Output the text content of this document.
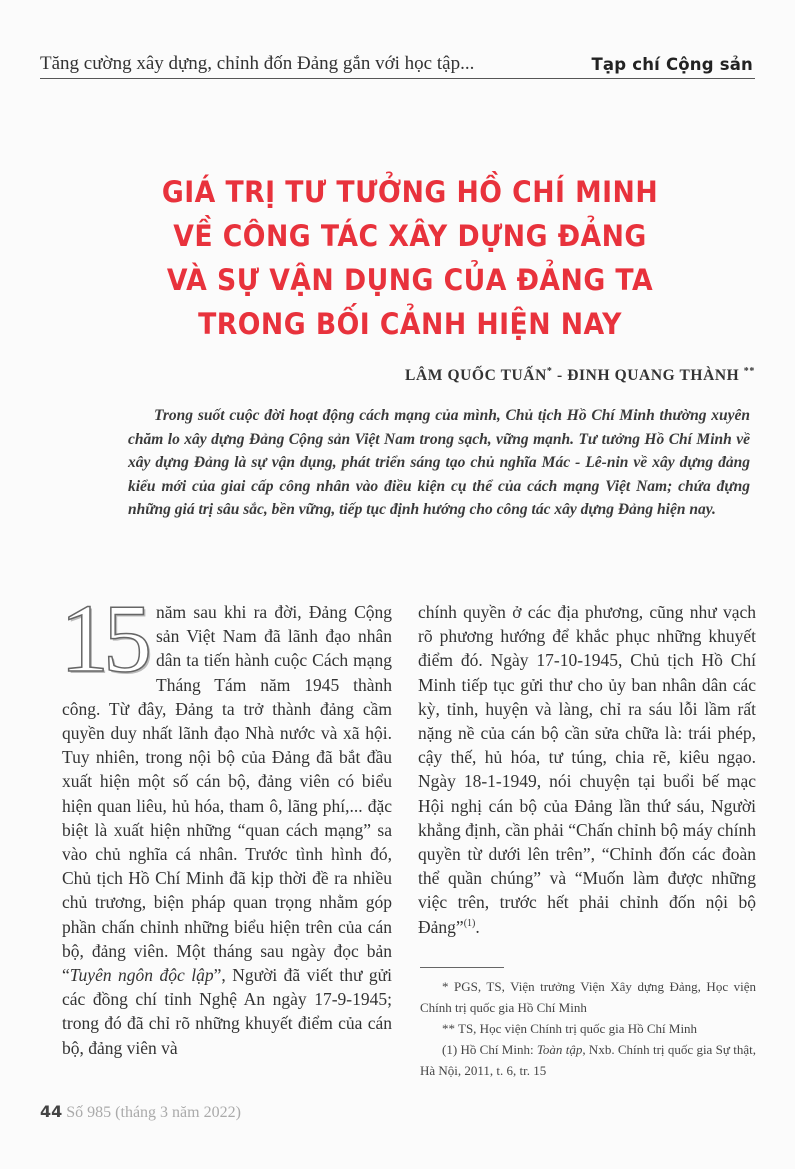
Tăng cường xây dựng, chỉnh đốn Đảng gắn với học tập...	Tạp chí Cộng sản
GIÁ TRỊ TƯ TƯỞNG HỒ CHÍ MINH
VỀ CÔNG TÁC XÂY DỰNG ĐẢNG
VÀ SỰ VẬN DỤNG CỦA ĐẢNG TA
TRONG BỐI CẢNH HIỆN NAY
LÂM QUỐC TUẤN* - ĐINH QUANG THÀNH **
Trong suốt cuộc đời hoạt động cách mạng của mình, Chủ tịch Hồ Chí Minh thường xuyên chăm lo xây dựng Đảng Cộng sản Việt Nam trong sạch, vững mạnh. Tư tưởng Hồ Chí Minh về xây dựng Đảng là sự vận dụng, phát triển sáng tạo chủ nghĩa Mác - Lê-nin về xây dựng đảng kiểu mới của giai cấp công nhân vào điều kiện cụ thể của cách mạng Việt Nam; chứa đựng những giá trị sâu sắc, bền vững, tiếp tục định hướng cho công tác xây dựng Đảng hiện nay.

15 năm sau khi ra đời, Đảng Cộng sản Việt Nam đã lãnh đạo nhân dân ta tiến hành cuộc Cách mạng Tháng Tám năm 1945 thành công. Từ đây, Đảng ta trở thành đảng cầm quyền duy nhất lãnh đạo Nhà nước và xã hội. Tuy nhiên, trong nội bộ của Đảng đã bắt đầu xuất hiện một số cán bộ, đảng viên có biểu hiện quan liêu, hủ hóa, tham ô, lãng phí,... đặc biệt là xuất hiện những “quan cách mạng” sa vào chủ nghĩa cá nhân. Trước tình hình đó, Chủ tịch Hồ Chí Minh đã kịp thời đề ra nhiều chủ trương, biện pháp quan trọng nhằm góp phần chấn chỉnh những biểu hiện trên của cán bộ, đảng viên. Một tháng sau ngày đọc bản “Tuyên ngôn độc lập”, Người đã viết thư gửi các đồng chí tỉnh Nghệ An ngày 17-9-1945; trong đó đã chỉ rõ những khuyết điểm của cán bộ, đảng viên và

chính quyền ở các địa phương, cũng như vạch rõ phương hướng để khắc phục những khuyết điểm đó. Ngày 17-10-1945, Chủ tịch Hồ Chí Minh tiếp tục gửi thư cho ủy ban nhân dân các kỳ, tỉnh, huyện và làng, chỉ ra sáu lỗi lầm rất nặng nề của cán bộ cần sửa chữa là: trái phép, cậy thế, hủ hóa, tư túng, chia rẽ, kiêu ngạo. Ngày 18-1-1949, nói chuyện tại buổi bế mạc Hội nghị cán bộ của Đảng lần thứ sáu, Người khẳng định, cần phải “Chấn chỉnh bộ máy chính quyền từ dưới lên trên”, “Chỉnh đốn các đoàn thể quần chúng” và “Muốn làm được những việc trên, trước hết phải chỉnh đốn nội bộ Đảng”$^{(1)}$.

* PGS, TS, Viện trưởng Viện Xây dựng Đảng, Học viện Chính trị quốc gia Hồ Chí Minh

** TS, Học viện Chính trị quốc gia Hồ Chí Minh

(1) Hồ Chí Minh: Toàn tập, Nxb. Chính trị quốc gia Sự thật, Hà Nội, 2011, t. 6, tr. 15

44 Số 985 (tháng 3 năm 2022)
